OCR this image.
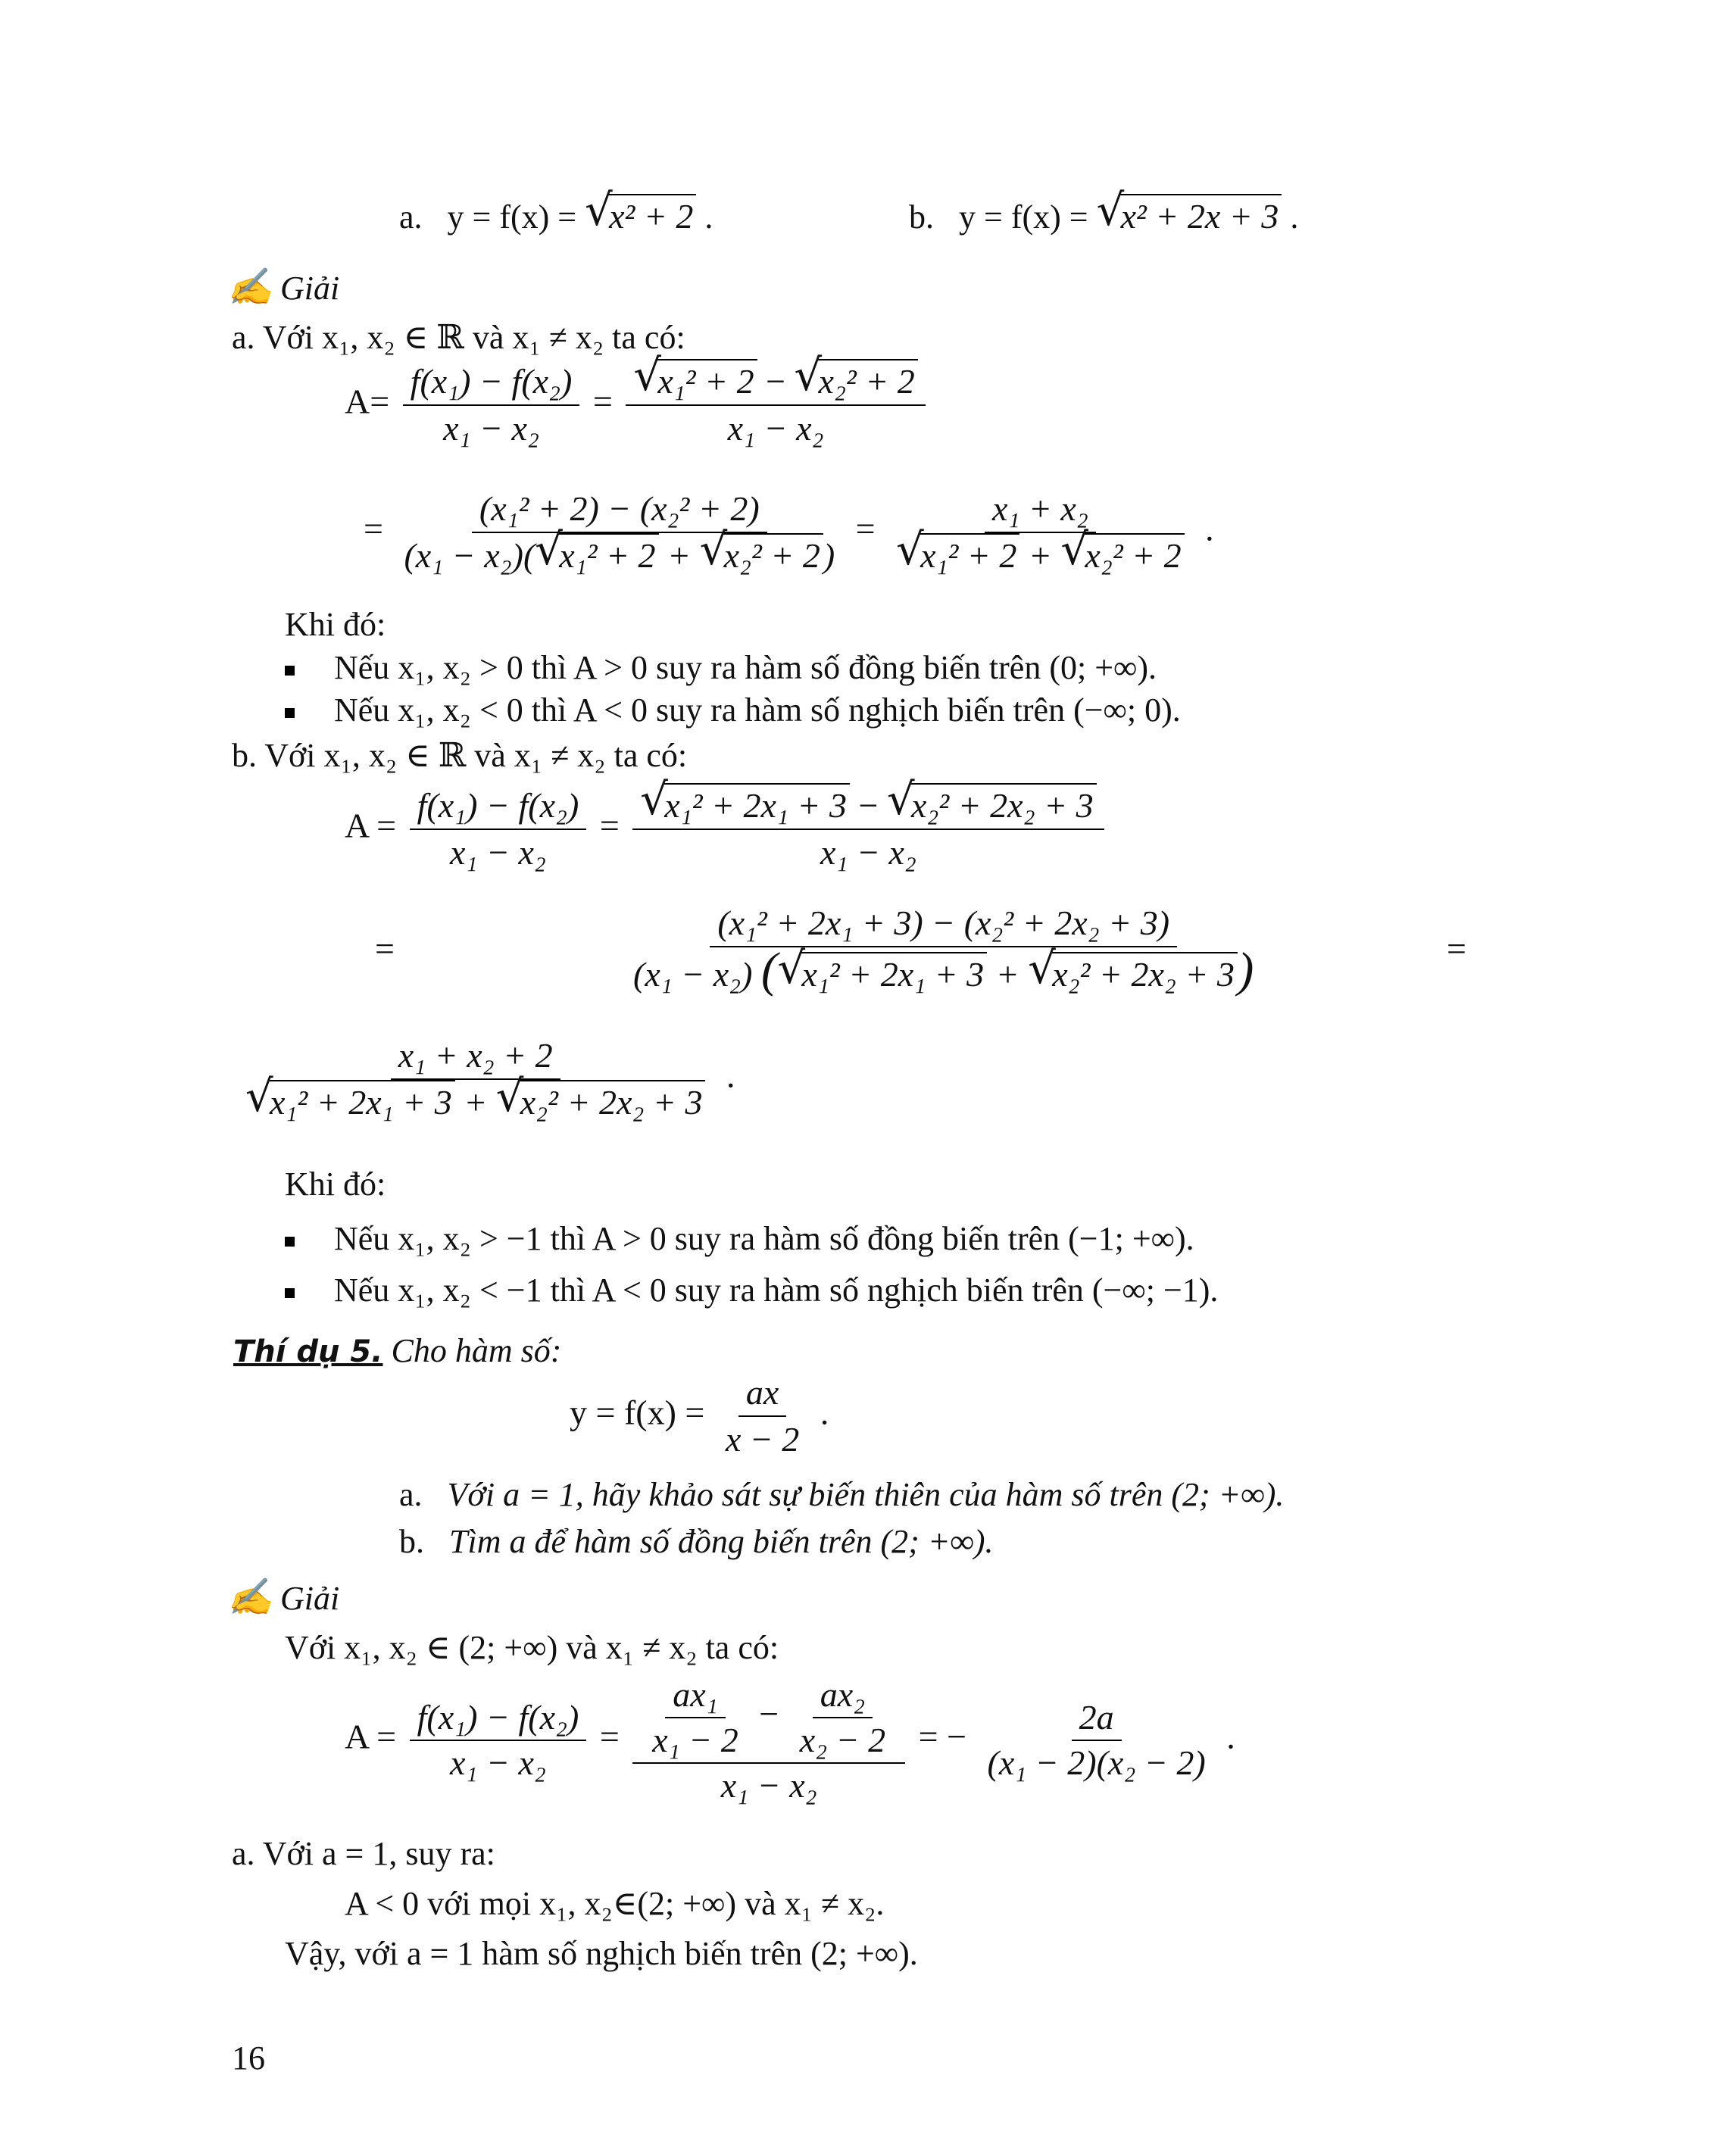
a. y = f(x) = √ x² + 2 .	b. y = f(x) = √ x² + 2x + 3 .
✍ Giải
a. Với x₁, x₂ ∈ ℝ và x₁ ≠ x₂ ta có:
$A= \frac{\text{f(x₁) − f(x₂)}}{\text{x₁ − x₂}}$ = √ $\frac{\text{x₁² + 2 − √ x₂² + 2}}{\text{x₁ − x₂}}$
= $\frac{\text{(x₁² + 2) − (x₂² + 2)}}{\text{(x₁ − x₂)( √ x₁² + 2 + √ x₂² + 2)}} = x_1 + x_2$
√ x₁² + 2 + √ x₂² + 2 .
Khi đó:
Nếu x₁, x₂ > 0 thì A > 0 suy ra hàm số đồng biến trên (0; +∞).
Nếu x₁, x₂ < 0 thì A < 0 suy ra hàm số nghịch biến trên (−∞; 0).
b. Với x₁, x₂ ∈ ℝ và x₁ ≠ x₂ ta có:
$A = \frac{\text{f(x₁) − f(x₂)}}{\text{x₁ − x₂}}$ = √ $\frac{\text{x₁² + 2x₁ + 3 − √ x₂² + 2x₂ + 3}}{\text{x₁ − x₂}}$
=	$\frac{\text{(x₁² + 2x₁ + 3) − (x₂² + 2x₂ + 3)}}{\text{(x₁ − x₂) ( √ x₁² + 2x₁ + 3 + √ x₂² + 2x₂ + 3)}}$	=
x₁ + x₂ + 2
√ x₁² + 2x₁ + 3 + √ x₂² + 2x₂ + 3 .
Khi đó:
Nếu x₁, x₂ > −1 thì A > 0 suy ra hàm số đồng biến trên (−1; +∞).
Nếu x₁, x₂ < −1 thì A < 0 suy ra hàm số nghịch biến trên (−∞; −1).
Thí dụ 5. Cho hàm số:
$y = f(x) = \frac{ax}{x - 2}$ .
a. Với a = 1, hãy khảo sát sự biến thiên của hàm số trên (2; +∞).
b. Tìm a để hàm số đồng biến trên (2; +∞).
✍ Giải
Với x₁, x₂ ∈ (2; +∞) và x₁ ≠ x₂ ta có:
$A = \frac{\text{f(x₁) − f(x₂)}}{\text{x₁ − x₂}} = \frac{\text{ax₁}}{\text{x₁ − 2}} - \frac{\text{ax₂}}{\text{x₂ − 2}}$
x₁ − x₂
= − $\frac{2a}{\text{(x₁ − 2)(x₂ − 2)}}$ .
a. Với a = 1, suy ra:
A < 0 với mọi x₁, x₂∈(2; +∞) và x₁ ≠ x₂.
Vậy, với a = 1 hàm số nghịch biến trên (2; +∞).
16
